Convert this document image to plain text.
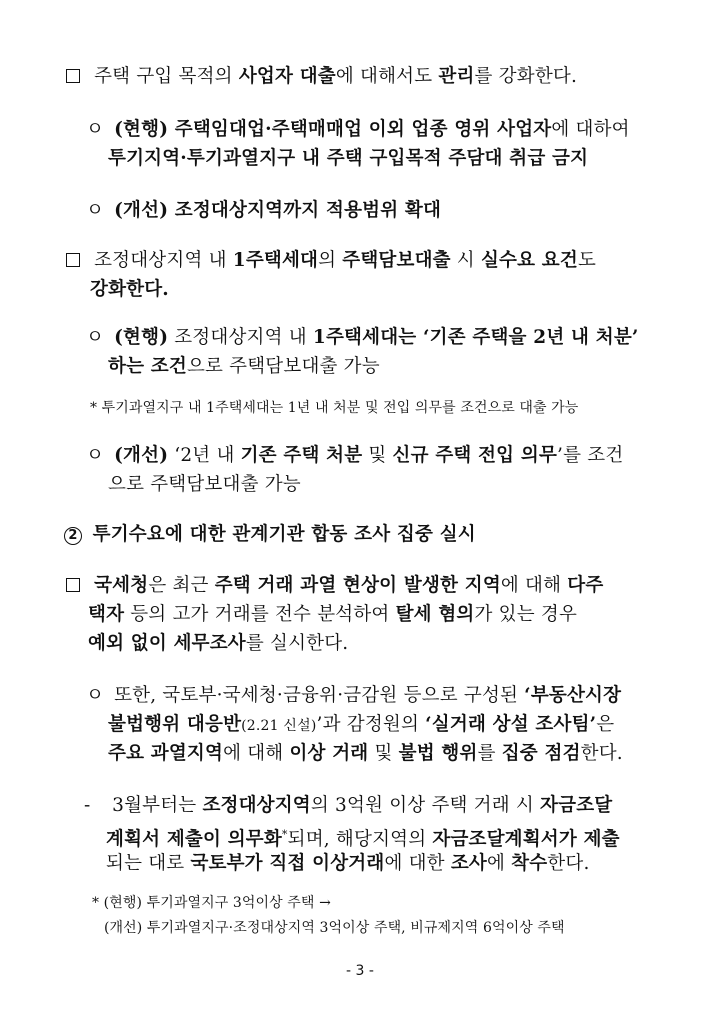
주택 구입 목적의 사업자 대출에 대해서도 관리를 강화한다.
ㅇ (현행) 주택임대업·주택매매업 이외 업종 영위 사업자에 대하여
투기지역·투기과열지구 내 주택 구입목적 주담대 취급 금지
ㅇ (개선) 조정대상지역까지 적용범위 확대
조정대상지역 내 1주택세대의 주택담보대출 시 실수요 요건도
강화한다.
ㅇ (현행) 조정대상지역 내 1주택세대는 ‘기존 주택을 2년 내 처분’
하는 조건으로 주택담보대출 가능
* 투기과열지구 내 1주택세대는 1년 내 처분 및 전입 의무를 조건으로 대출 가능
ㅇ (개선) ‘2년 내 기존 주택 처분 및 신규 주택 전입 의무’를 조건
으로 주택담보대출 가능
2 투기수요에 대한 관계기관 합동 조사 집중 실시
국세청은 최근 주택 거래 과열 현상이 발생한 지역에 대해 다주
택자 등의 고가 거래를 전수 분석하여 탈세 혐의가 있는 경우
예외 없이 세무조사를 실시한다.
ㅇ 또한, 국토부·국세청·금융위·금감원 등으로 구성된 ‘부동산시장
불법행위 대응반(2.21 신설)’과 감정원의 ‘실거래 상설 조사팀’은
주요 과열지역에 대해 이상 거래 및 불법 행위를 집중 점검한다.
- 3월부터는 조정대상지역의 3억원 이상 주택 거래 시 자금조달
계획서 제출이 의무화*되며, 해당지역의 자금조달계획서가 제출
되는 대로 국토부가 직접 이상거래에 대한 조사에 착수한다.
* (현행) 투기과열지구 3억이상 주택 →
(개선) 투기과열지구·조정대상지역 3억이상 주택, 비규제지역 6억이상 주택
- 3 -
